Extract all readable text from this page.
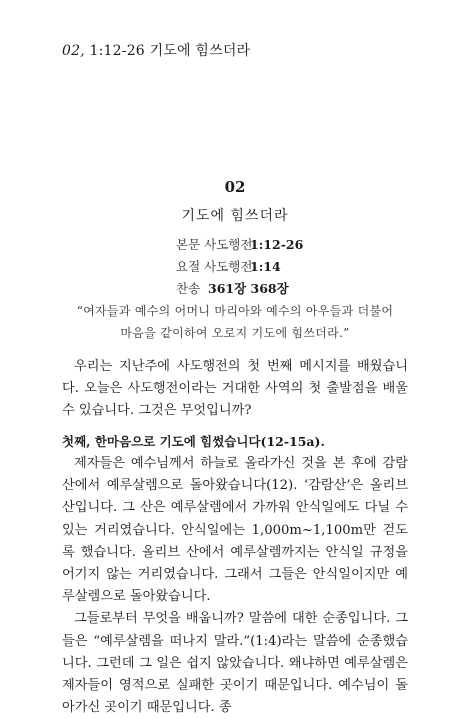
02, 1:12-26 기도에 힘쓰더라
02
기도에 힘쓰더라
본문 사도행전1:12-26
요절 사도행전1:14
찬송 361장 368장
“여자들과 예수의 어머니 마리아와 예수의 아우들과 더불어
마음을 같이하여 오로지 기도에 힘쓰더라.”

우리는 지난주에 사도행전의 첫 번째 메시지를 배웠습니다. 오늘은 사도행전이라는 거대한 사역의 첫 출발점을 배울 수 있습니다. 그것은 무엇입니까?

첫째, 한마음으로 기도에 힘썼습니다(12-15a).

제자들은 예수님께서 하늘로 올라가신 것을 본 후에 감람산에서 예루살렘으로 돌아왔습니다(12). ‘감람산’은 올리브 산입니다. 그 산은 예루살렘에서 가까워 안식일에도 다닐 수 있는 거리였습니다. 안식일에는 1,000m~1,100m만 걷도록 했습니다. 올리브 산에서 예루살렘까지는 안식일 규정을 어기지 않는 거리였습니다. 그래서 그들은 안식일이지만 예루살렘으로 돌아왔습니다.

그들로부터 무엇을 배웁니까? 말씀에 대한 순종입니다. 그들은 “예루살렘을 떠나지 말라.”(1:4)라는 말씀에 순종했습니다. 그런데 그 일은 쉽지 않았습니다. 왜냐하면 예루살렘은 제자들이 영적으로 실패한 곳이기 때문입니다. 예수님이 돌아가신 곳이기 때문입니다. 종
